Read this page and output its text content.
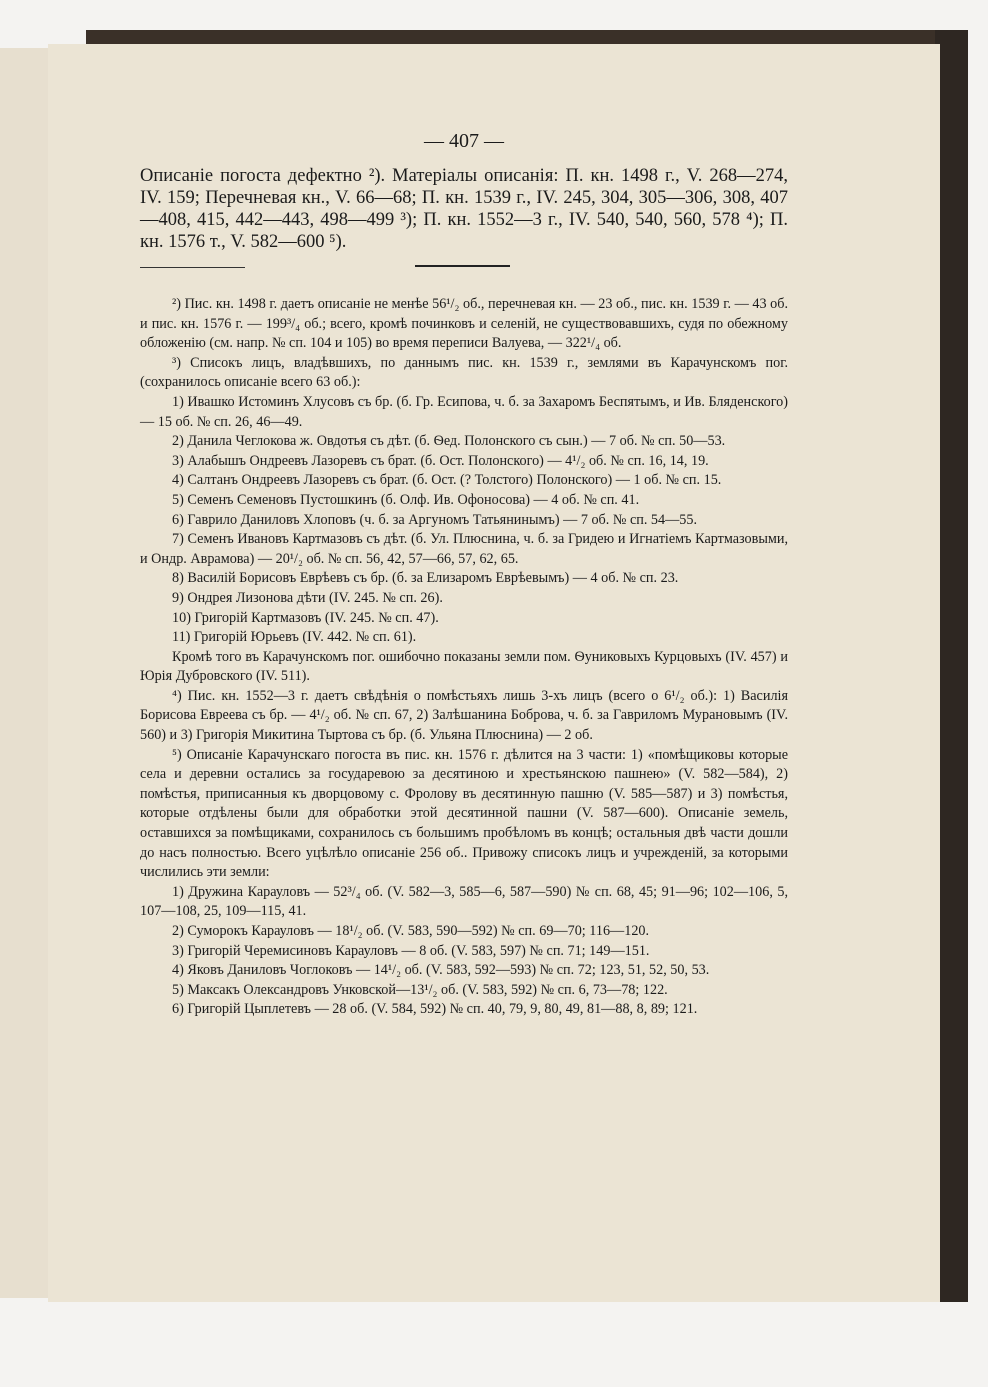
— 407 —
Описаніе погоста дефектно ²). Матеріалы описанія: П. кн. 1498 г., V. 268—274, IV. 159; Перечневая кн., V. 66—68; П. кн. 1539 г., IV. 245, 304, 305—306, 308, 407—408, 415, 442—443, 498—499 ³); П. кн. 1552—3 г., IV. 540, 540, 560, 578 ⁴); П. кн. 1576 т., V. 582—600 ⁵).

²) Пис. кн. 1498 г. даетъ описаніе не менѣе 56¹/₂ об., перечневая кн. — 23 об., пис. кн. 1539 г. — 43 об. и пис. кн. 1576 г. — 199³/₄ об.; всего, кромѣ починковъ и селеній, не существовавшихъ, судя по обежному обложенію (см. напр. № сп. 104 и 105) во время переписи Валуева, — 322¹/₄ об.

³) Списокъ лицъ, владѣвшихъ, по даннымъ пис. кн. 1539 г., землями въ Карачунскомъ пог. (сохранилось описаніе всего 63 об.):

1) Ивашко Истоминъ Хлусовъ съ бр. (б. Гр. Есипова, ч. б. за Захаромъ Беспятымъ, и Ив. Бляденского) — 15 об. № сп. 26, 46—49.

2) Данила Чеглокова ж. Овдотья съ дѣт. (б. Ѳед. Полонского съ сын.) — 7 об. № сп. 50—53.

3) Алабышъ Ондреевъ Лазоревъ съ брат. (б. Ост. Полонского) — 4¹/₂ об. № сп. 16, 14, 19.

4) Салтанъ Ондреевъ Лазоревъ съ брат. (б. Ост. (? Толстого) Полонского) — 1 об. № сп. 15.

5) Семенъ Семеновъ Пустошкинъ (б. Олф. Ив. Офоносова) — 4 об. № сп. 41.

6) Гаврило Даниловъ Хлоповъ (ч. б. за Аргуномъ Татьянинымъ) — 7 об. № сп. 54—55.

7) Семенъ Ивановъ Картмазовъ съ дѣт. (б. Ул. Плюснина, ч. б. за Гридею и Игнатіемъ Картмазовыми, и Ондр. Аврамова) — 20¹/₂ об. № сп. 56, 42, 57—66, 57, 62, 65.

8) Василій Борисовъ Еврѣевъ съ бр. (б. за Елизаромъ Еврѣевымъ) — 4 об. № сп. 23.

9) Ондрея Лизонова дѣти (IV. 245. № сп. 26).

10) Григорій Картмазовъ (IV. 245. № сп. 47).

11) Григорій Юрьевъ (IV. 442. № сп. 61).

Кромѣ того въ Карачунскомъ пог. ошибочно показаны земли пом. Ѳуниковыхъ Курцовыхъ (IV. 457) и Юрія Дубровского (IV. 511).

⁴) Пис. кн. 1552—3 г. даетъ свѣдѣнія о помѣстьяхъ лишь 3-хъ лицъ (всего о 6¹/₂ об.): 1) Василія Борисова Евреева съ бр. — 4¹/₂ об. № сп. 67, 2) Залѣшанина Боброва, ч. б. за Гавриломъ Мурановымъ (IV. 560) и 3) Григорія Микитина Тыртова съ бр. (б. Ульяна Плюснина) — 2 об.

⁵) Описаніе Карачунскаго погоста въ пис. кн. 1576 г. дѣлится на 3 части: 1) «помѣщиковы которые села и деревни остались за государевою за десятиною и хрестьянскою пашнею» (V. 582—584), 2) помѣстья, приписанныя къ дворцовому с. Фролову въ десятинную пашню (V. 585—587) и 3) помѣстья, которые отдѣлены были для обработки этой десятинной пашни (V. 587—600). Описаніе земель, оставшихся за помѣщиками, сохранилось съ большимъ пробѣломъ въ концѣ; остальныя двѣ части дошли до насъ полностью. Всего уцѣлѣло описаніе 256 об.. Привожу списокъ лицъ и учрежденій, за которыми числились эти земли:

1) Дружина Карауловъ — 52³/₄ об. (V. 582—3, 585—6, 587—590) № сп. 68, 45; 91—96; 102—106, 5, 107—108, 25, 109—115, 41.

2) Суморокъ Карауловъ — 18¹/₂ об. (V. 583, 590—592) № сп. 69—70; 116—120.

3) Григорій Черемисиновъ Карауловъ — 8 об. (V. 583, 597) № сп. 71; 149—151.

4) Яковъ Даниловъ Чоглоковъ — 14¹/₂ об. (V. 583, 592—593) № сп. 72; 123, 51, 52, 50, 53.

5) Максакъ Олександровъ Унковской—13¹/₂ об. (V. 583, 592) № сп. 6, 73—78; 122.

6) Григорій Цыплетевъ — 28 об. (V. 584, 592) № сп. 40, 79, 9, 80, 49, 81—88, 8, 89; 121.
